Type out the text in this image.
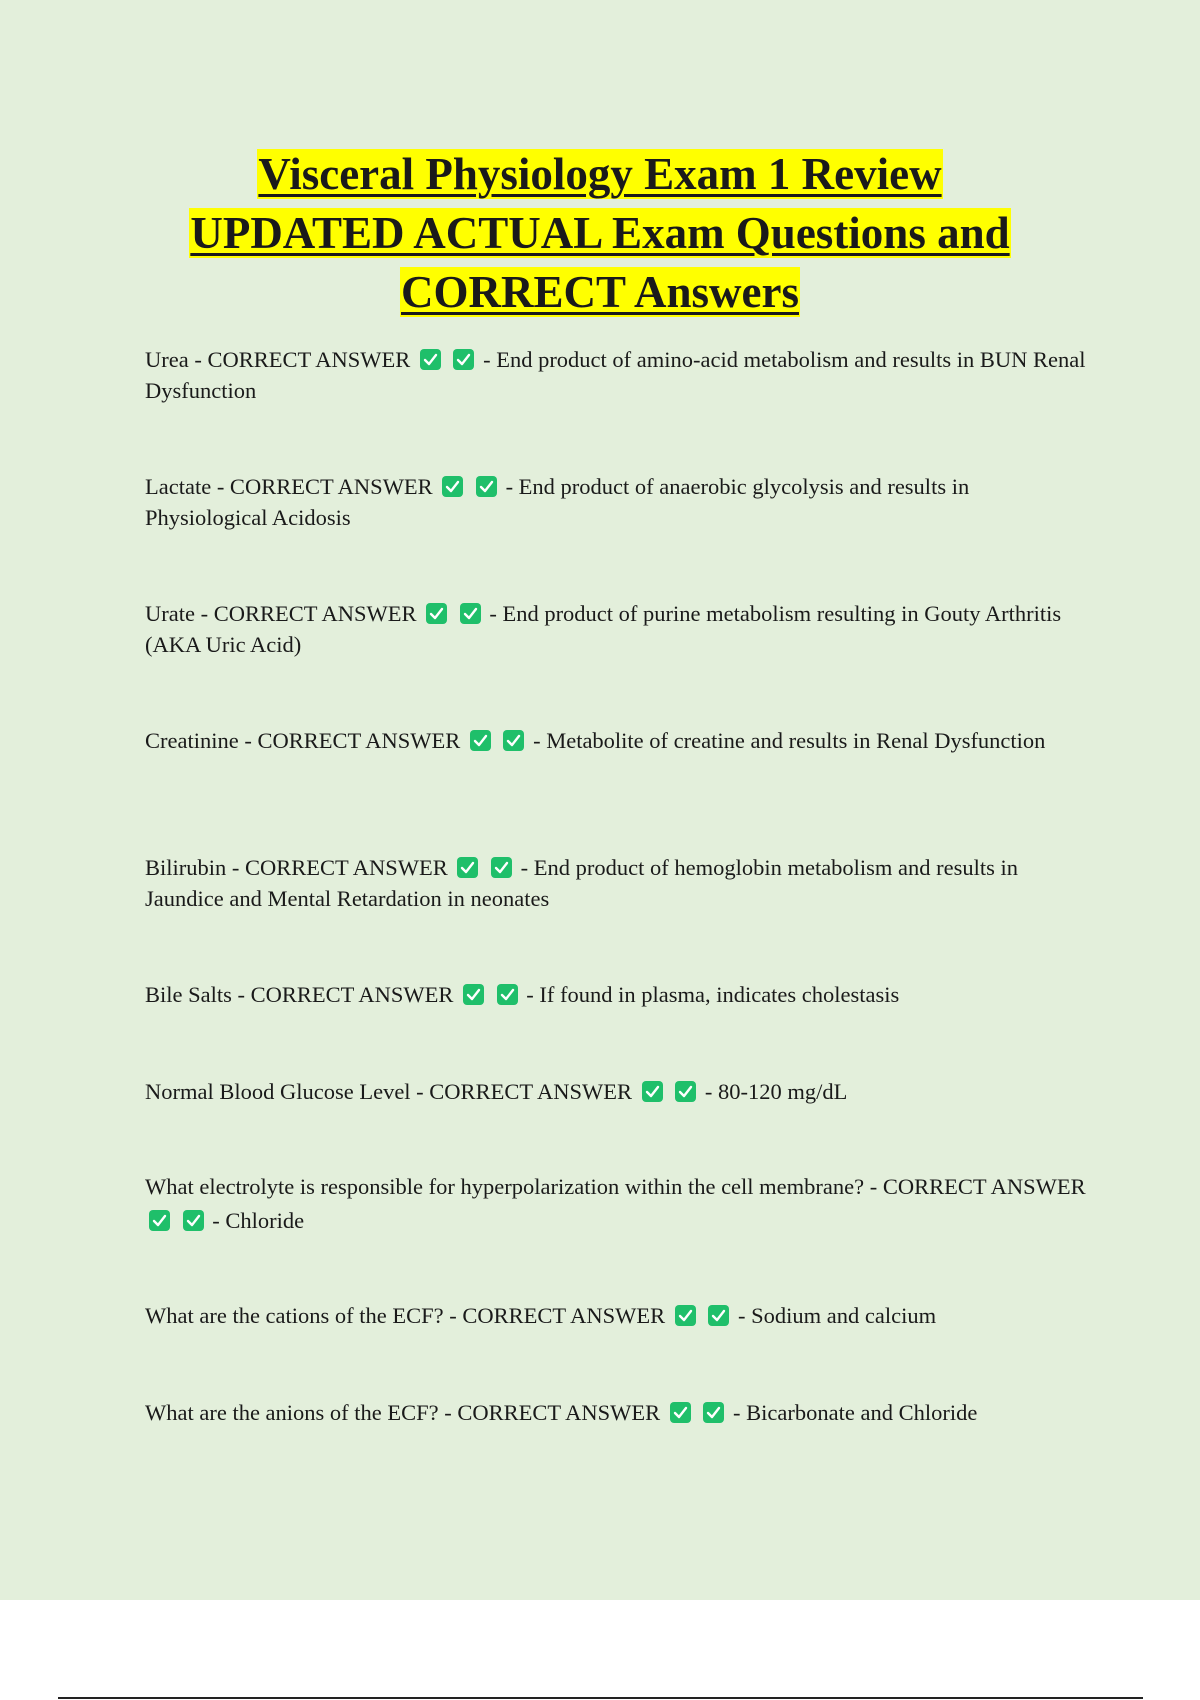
Visceral Physiology Exam 1 Review
UPDATED ACTUAL Exam Questions and
CORRECT Answers
Urea - CORRECT ANSWER
	- End product of amino-acid metabolism and results in BUN Renal Dysfunction
Lactate - CORRECT ANSWER
	- End product of anaerobic glycolysis and results in Physiological Acidosis
Urate - CORRECT ANSWER
	- End product of purine metabolism resulting in Gouty Arthritis (AKA Uric Acid)
Creatinine - CORRECT ANSWER
	- Metabolite of creatine and results in Renal Dysfunction
Bilirubin - CORRECT ANSWER
	- End product of hemoglobin metabolism and results in Jaundice and Mental Retardation in neonates
Bile Salts - CORRECT ANSWER
	- If found in plasma, indicates cholestasis
Normal Blood Glucose Level - CORRECT ANSWER
	- 80-120 mg/dL
What electrolyte is responsible for hyperpolarization within the cell membrane? - CORRECT ANSWER

- Chloride
What are the cations of the ECF? - CORRECT ANSWER
	- Sodium and calcium
What are the anions of the ECF? - CORRECT ANSWER
	- Bicarbonate and Chloride
